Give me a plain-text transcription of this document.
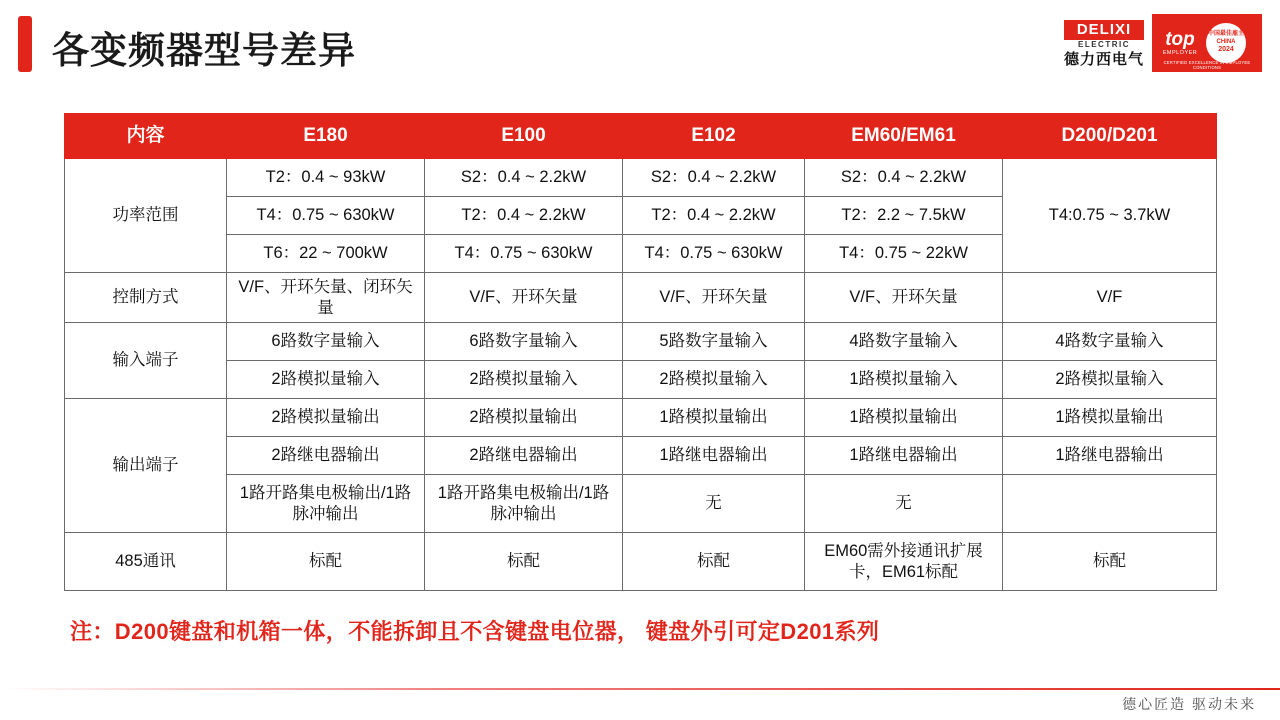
各变频器型号差异
DELIXI
ELECTRIC
德力西电气
top
EMPLOYER
中国最佳雇主
CHINA
2024
CERTIFIED EXCELLENCE IN EMPLOYEE CONDITIONS
内容	E180	E100	E102	EM60/EM61	D200/D201
功率范围	T2：0.4 ~ 93kW	S2：0.4 ~ 2.2kW	S2：0.4 ~ 2.2kW	S2：0.4 ~ 2.2kW	T4:0.75 ~ 3.7kW
	T4：0.75 ~ 630kW	T2：0.4 ~ 2.2kW	T2：0.4 ~ 2.2kW	T2：2.2 ~ 7.5kW	
	T6：22 ~ 700kW	T4：0.75 ~ 630kW	T4：0.75 ~ 630kW	T4：0.75 ~ 22kW	
控制方式	V/F、开环矢量、闭环矢量	V/F、开环矢量	V/F、开环矢量	V/F、开环矢量	V/F
输入端子	6路数字量输入	6路数字量输入	5路数字量输入	4路数字量输入	4路数字量输入
	2路模拟量输入	2路模拟量输入	2路模拟量输入	1路模拟量输入	2路模拟量输入
输出端子	2路模拟量输出	2路模拟量输出	1路模拟量输出	1路模拟量输出	1路模拟量输出
	2路继电器输出	2路继电器输出	1路继电器输出	1路继电器输出	1路继电器输出
	1路开路集电极输出/1路脉冲输出	1路开路集电极输出/1路脉冲输出	无	无	
485通讯	标配	标配	标配	EM60需外接通讯扩展卡，EM61标配	标配
注：D200键盘和机箱一体，不能拆卸且不含键盘电位器， 键盘外引可定D201系列
德心匠造 驱动未来
